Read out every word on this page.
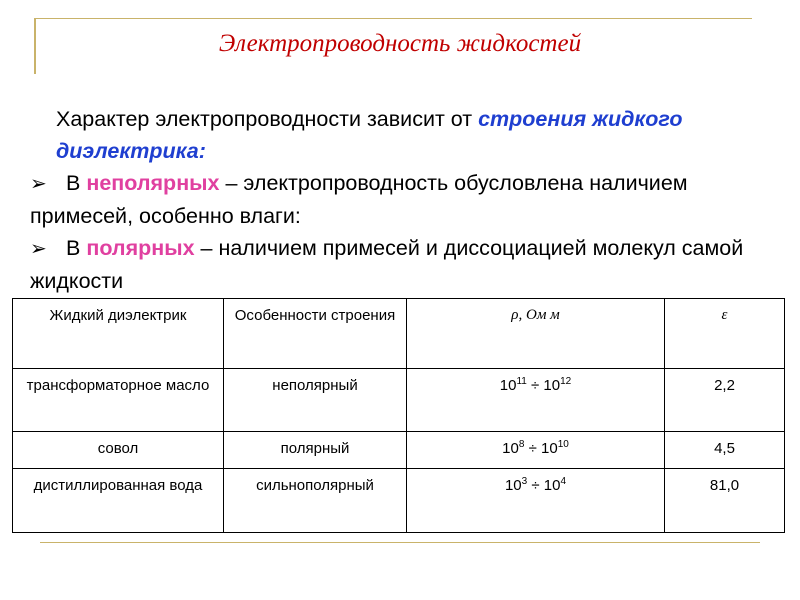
Электропроводность жидкостей

Характер электропроводности зависит от строения жидкого диэлектрика:

➢ В неполярных – электропроводность обусловлена наличием примесей, особенно влаги:

➢ В полярных – наличием примесей и диссоциацией молекул самой жидкости

Жидкий диэлектрик	Особенности строения	ρ, Ом м	ε
трансформаторное масло	неполярный	$10^{11} \div 10^{12}$	2,2
совол	полярный	$10^8 \div 10^{10}$	4,5
дистиллированная вода	сильнополярный	$10^3 \div 10^4$	81,0
